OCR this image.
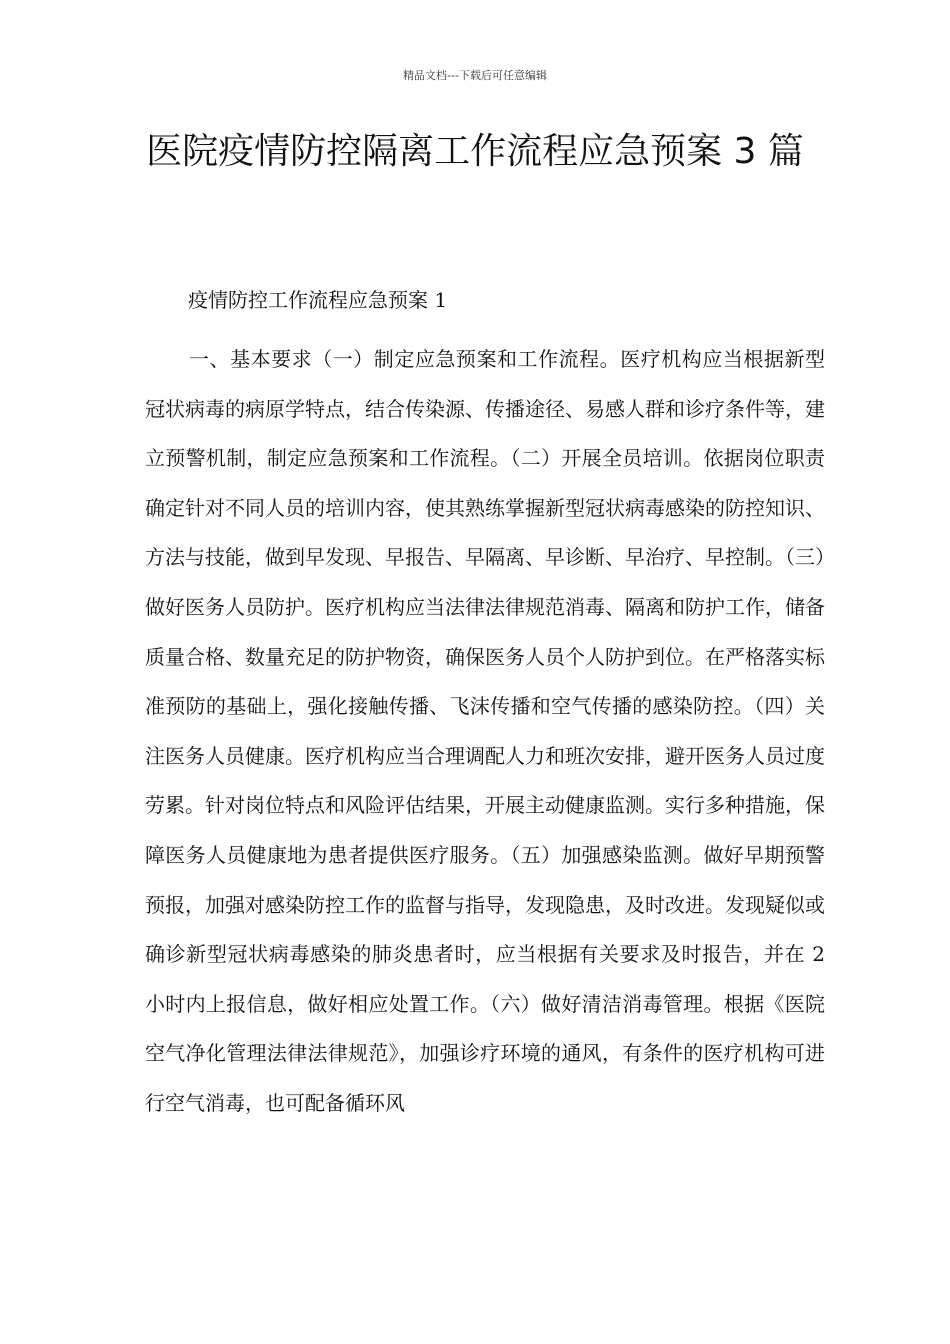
精品文档---下载后可任意编辑
医院疫情防控隔离工作流程应急预案 3 篇
疫情防控工作流程应急预案 1

一、基本要求（一）制定应急预案和工作流程。医疗机构应当根据新型冠状病毒的病原学特点，结合传染源、传播途径、易感人群和诊疗条件等，建立预警机制，制定应急预案和工作流程。（二）开展全员培训。依据岗位职责确定针对不同人员的培训内容，使其熟练掌握新型冠状病毒感染的防控知识、方法与技能，做到早发现、早报告、早隔离、早诊断、早治疗、早控制。（三）做好医务人员防护。医疗机构应当法律法律规范消毒、隔离和防护工作，储备质量合格、数量充足的防护物资，确保医务人员个人防护到位。在严格落实标准预防的基础上，强化接触传播、飞沫传播和空气传播的感染防控。（四）关注医务人员健康。医疗机构应当合理调配人力和班次安排，避开医务人员过度劳累。针对岗位特点和风险评估结果，开展主动健康监测。实行多种措施，保障医务人员健康地为患者提供医疗服务。（五）加强感染监测。做好早期预警预报，加强对感染防控工作的监督与指导，发现隐患，及时改进。发现疑似或确诊新型冠状病毒感染的肺炎患者时，应当根据有关要求及时报告，并在 2 小时内上报信息，做好相应处置工作。（六）做好清洁消毒管理。根据《医院空气净化管理法律法律规范》，加强诊疗环境的通风，有条件的医疗机构可进行空气消毒，也可配备循环风
